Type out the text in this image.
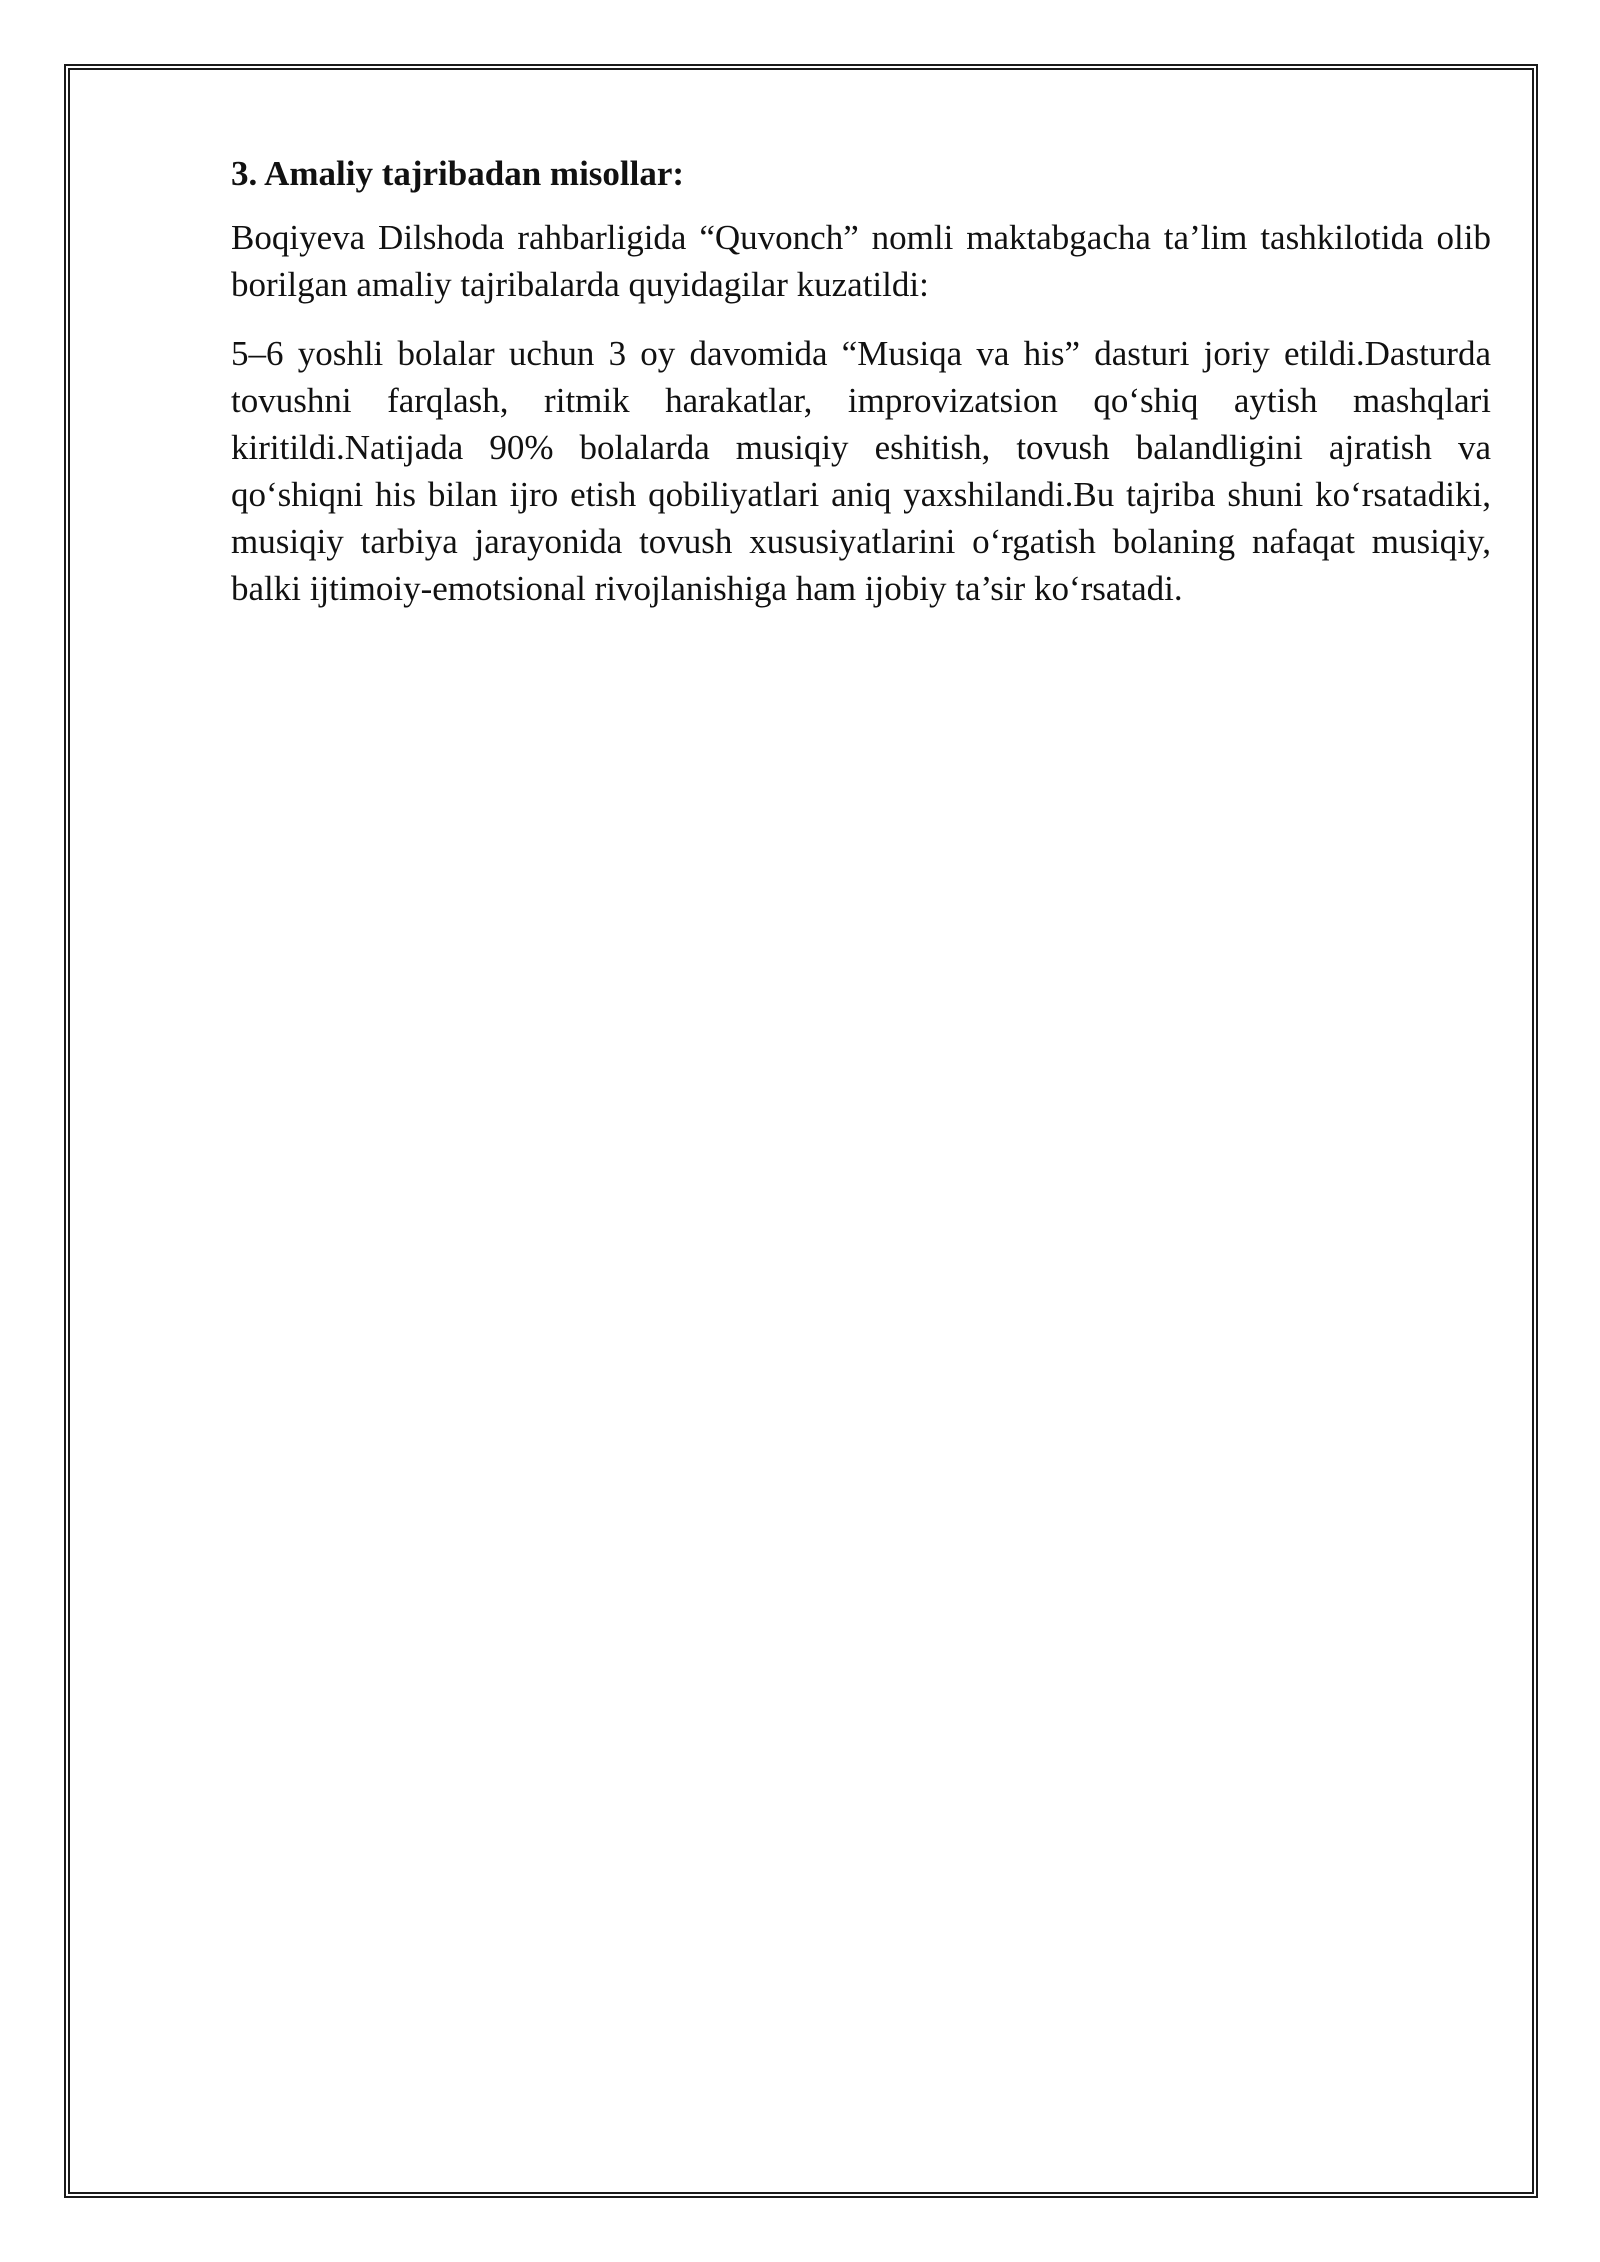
3. Amaliy tajribadan misollar:

Boqiyeva Dilshoda rahbarligida “Quvonch” nomli maktabgacha ta’lim tashkilotida olib borilgan amaliy tajribalarda quyidagilar kuzatildi:

5–6 yoshli bolalar uchun 3 oy davomida “Musiqa va his” dasturi joriy etildi.Dasturda tovushni farqlash, ritmik harakatlar, improvizatsion qo‘shiq aytish mashqlari kiritildi.Natijada 90% bolalarda musiqiy eshitish, tovush balandligini ajratish va qo‘shiqni his bilan ijro etish qobiliyatlari aniq yaxshilandi.Bu tajriba shuni ko‘rsatadiki, musiqiy tarbiya jarayonida tovush xususiyatlarini o‘rgatish bolaning nafaqat musiqiy, balki ijtimoiy-emotsional rivojlanishiga ham ijobiy ta’sir ko‘rsatadi.
